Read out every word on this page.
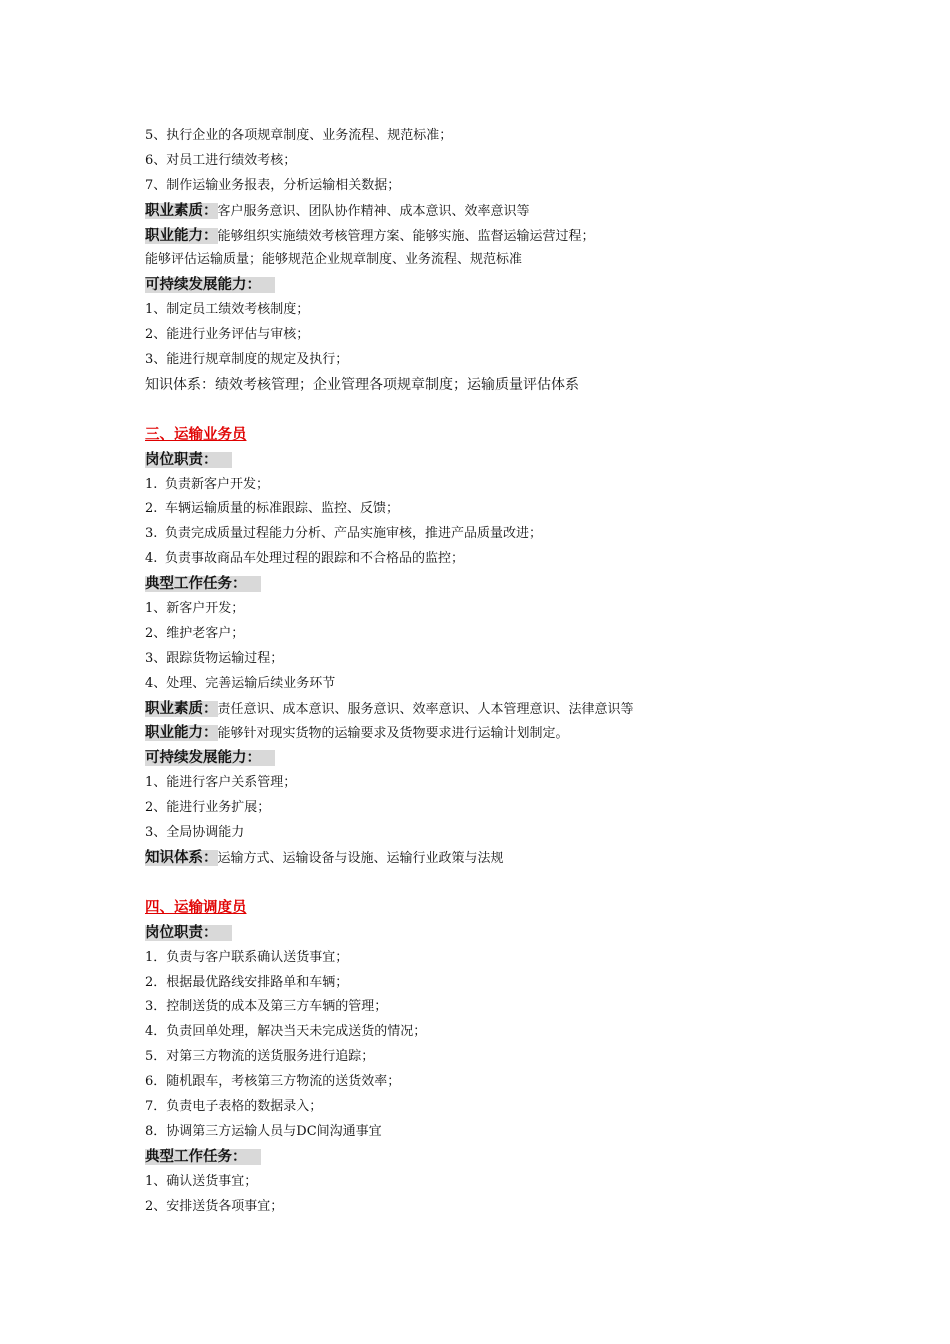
5、执行企业的各项规章制度、业务流程、规范标准；
6、对员工进行绩效考核；
7、制作运输业务报表，分析运输相关数据；
职业素质：客户服务意识、团队协作精神、成本意识、效率意识等
职业能力：能够组织实施绩效考核管理方案、能够实施、监督运输运营过程；
能够评估运输质量；能够规范企业规章制度、业务流程、规范标准
可持续发展能力：
1、制定员工绩效考核制度；
2、能进行业务评估与审核；
3、能进行规章制度的规定及执行；
知识体系：绩效考核管理；企业管理各项规章制度；运输质量评估体系
三、运输业务员
岗位职责：
1. 负责新客户开发；
2. 车辆运输质量的标准跟踪、监控、反馈；
3. 负责完成质量过程能力分析、产品实施审核，推进产品质量改进；
4. 负责事故商品车处理过程的跟踪和不合格品的监控；
典型工作任务：
1、新客户开发；
2、维护老客户；
3、跟踪货物运输过程；
4、处理、完善运输后续业务环节
职业素质：责任意识、成本意识、服务意识、效率意识、人本管理意识、法律意识等
职业能力：能够针对现实货物的运输要求及货物要求进行运输计划制定。
可持续发展能力：
1、能进行客户关系管理；
2、能进行业务扩展；
3、全局协调能力
知识体系：运输方式、运输设备与设施、运输行业政策与法规
四、运输调度员
岗位职责：
1．负责与客户联系确认送货事宜；
2．根据最优路线安排路单和车辆；
3．控制送货的成本及第三方车辆的管理；
4．负责回单处理，解决当天未完成送货的情况；
5．对第三方物流的送货服务进行追踪；
6．随机跟车，考核第三方物流的送货效率；
7．负责电子表格的数据录入；
8．协调第三方运输人员与DC间沟通事宜
典型工作任务：
1、确认送货事宜；
2、安排送货各项事宜；
